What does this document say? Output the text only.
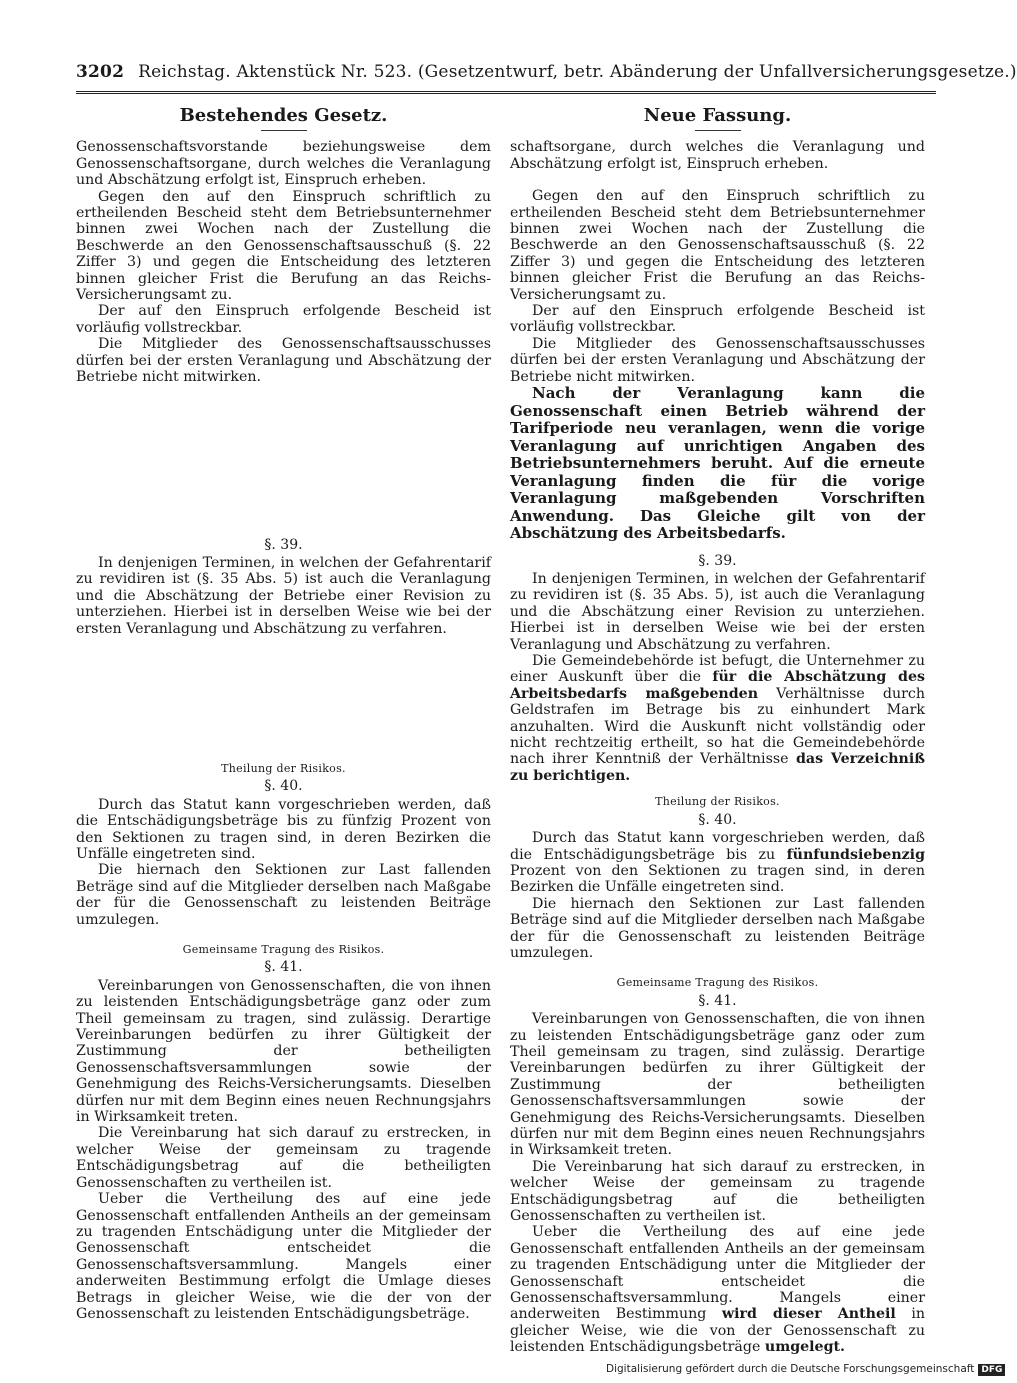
3202 Reichstag. Aktenstück Nr. 523. (Gesetzentwurf, betr. Abänderung der Unfallversicherungsgesetze.)
Bestehendes Gesetz.

Genossenschaftsvorstande beziehungsweise dem Genossenschaftsorgane, durch welches die Veranlagung und Abschätzung erfolgt ist, Einspruch erheben.

Gegen den auf den Einspruch schriftlich zu ertheilenden Bescheid steht dem Betriebsunternehmer binnen zwei Wochen nach der Zustellung die Beschwerde an den Genossenschaftsausschuß (§. 22 Ziffer 3) und gegen die Entscheidung des letzteren binnen gleicher Frist die Berufung an das Reichs-Versicherungsamt zu.

Der auf den Einspruch erfolgende Bescheid ist vorläufig vollstreckbar.

Die Mitglieder des Genossenschaftsausschusses dürfen bei der ersten Veranlagung und Abschätzung der Betriebe nicht mitwirken.

§. 39.

In denjenigen Terminen, in welchen der Gefahrentarif zu revidiren ist (§. 35 Abs. 5) ist auch die Veranlagung und die Abschätzung der Betriebe einer Revision zu unterziehen. Hierbei ist in derselben Weise wie bei der ersten Veranlagung und Abschätzung zu verfahren.

Theilung der Risikos.
§. 40.

Durch das Statut kann vorgeschrieben werden, daß die Entschädigungsbeträge bis zu fünfzig Prozent von den Sektionen zu tragen sind, in deren Bezirken die Unfälle eingetreten sind.

Die hiernach den Sektionen zur Last fallenden Beträge sind auf die Mitglieder derselben nach Maßgabe der für die Genossenschaft zu leistenden Beiträge umzulegen.

Gemeinsame Tragung des Risikos.
§. 41.

Vereinbarungen von Genossenschaften, die von ihnen zu leistenden Entschädigungsbeträge ganz oder zum Theil gemeinsam zu tragen, sind zulässig. Derartige Vereinbarungen bedürfen zu ihrer Gültigkeit der Zustimmung der betheiligten Genossenschaftsversammlungen sowie der Genehmigung des Reichs-Versicherungsamts. Dieselben dürfen nur mit dem Beginn eines neuen Rechnungsjahrs in Wirksamkeit treten.

Die Vereinbarung hat sich darauf zu erstrecken, in welcher Weise der gemeinsam zu tragende Entschädigungsbetrag auf die betheiligten Genossenschaften zu vertheilen ist.

Ueber die Vertheilung des auf eine jede Genossenschaft entfallenden Antheils an der gemeinsam zu tragenden Entschädigung unter die Mitglieder der Genossenschaft entscheidet die Genossenschaftsversammlung. Mangels einer anderweiten Bestimmung erfolgt die Umlage dieses Betrags in gleicher Weise, wie die der von der Genossenschaft zu leistenden Entschädigungsbeträge.

Neue Fassung.

schaftsorgane, durch welches die Veranlagung und Abschätzung erfolgt ist, Einspruch erheben.

Gegen den auf den Einspruch schriftlich zu ertheilenden Bescheid steht dem Betriebsunternehmer binnen zwei Wochen nach der Zustellung die Beschwerde an den Genossenschaftsausschuß (§. 22 Ziffer 3) und gegen die Entscheidung des letzteren binnen gleicher Frist die Berufung an das Reichs-Versicherungsamt zu.

Der auf den Einspruch erfolgende Bescheid ist vorläufig vollstreckbar.

Die Mitglieder des Genossenschaftsausschusses dürfen bei der ersten Veranlagung und Abschätzung der Betriebe nicht mitwirken.

Nach der Veranlagung kann die Genossenschaft einen Betrieb während der Tarifperiode neu veranlagen, wenn die vorige Veranlagung auf unrichtigen Angaben des Betriebsunternehmers beruht. Auf die erneute Veranlagung finden die für die vorige Veranlagung maßgebenden Vorschriften Anwendung. Das Gleiche gilt von der Abschätzung des Arbeitsbedarfs.

§. 39.

In denjenigen Terminen, in welchen der Gefahrentarif zu revidiren ist (§. 35 Abs. 5), ist auch die Veranlagung und die Abschätzung einer Revision zu unterziehen. Hierbei ist in derselben Weise wie bei der ersten Veranlagung und Abschätzung zu verfahren.

Die Gemeindebehörde ist befugt, die Unternehmer zu einer Auskunft über die für die Abschätzung des Arbeitsbedarfs maßgebenden Verhältnisse durch Geldstrafen im Betrage bis zu einhundert Mark anzuhalten. Wird die Auskunft nicht vollständig oder nicht rechtzeitig ertheilt, so hat die Gemeindebehörde nach ihrer Kenntniß der Verhältnisse das Verzeichniß zu berichtigen.

Theilung der Risikos.
§. 40.

Durch das Statut kann vorgeschrieben werden, daß die Entschädigungsbeträge bis zu fünfundsiebenzig Prozent von den Sektionen zu tragen sind, in deren Bezirken die Unfälle eingetreten sind.

Die hiernach den Sektionen zur Last fallenden Beträge sind auf die Mitglieder derselben nach Maßgabe der für die Genossenschaft zu leistenden Beiträge umzulegen.

Gemeinsame Tragung des Risikos.
§. 41.

Vereinbarungen von Genossenschaften, die von ihnen zu leistenden Entschädigungsbeträge ganz oder zum Theil gemeinsam zu tragen, sind zulässig. Derartige Vereinbarungen bedürfen zu ihrer Gültigkeit der Zustimmung der betheiligten Genossenschaftsversammlungen sowie der Genehmigung des Reichs-Versicherungsamts. Dieselben dürfen nur mit dem Beginn eines neuen Rechnungsjahrs in Wirksamkeit treten.

Die Vereinbarung hat sich darauf zu erstrecken, in welcher Weise der gemeinsam zu tragende Entschädigungsbetrag auf die betheiligten Genossenschaften zu vertheilen ist.

Ueber die Vertheilung des auf eine jede Genossenschaft entfallenden Antheils an der gemeinsam zu tragenden Entschädigung unter die Mitglieder der Genossenschaft entscheidet die Genossenschaftsversammlung. Mangels einer anderweiten Bestimmung wird dieser Antheil in gleicher Weise, wie die von der Genossenschaft zu leistenden Entschädigungsbeträge umgelegt.

Digitalisierung gefördert durch die Deutsche Forschungsgemeinschaft DFG
